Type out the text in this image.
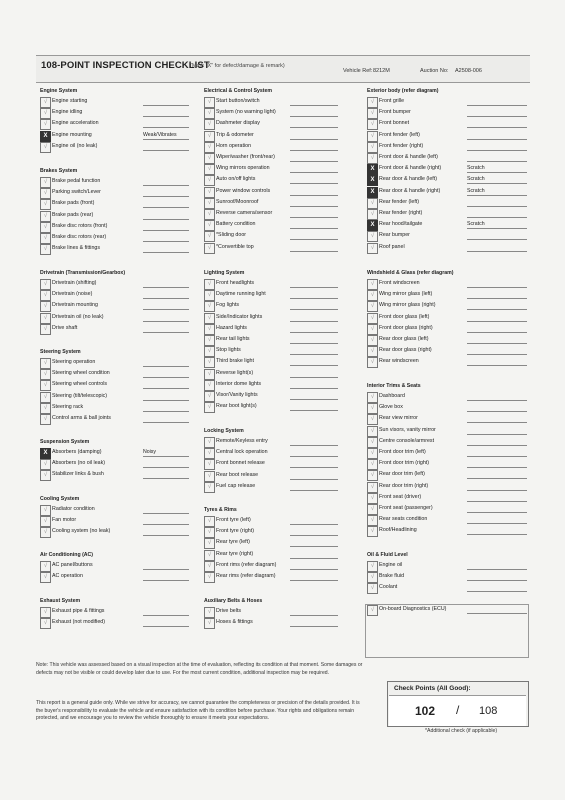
108-POINT INSPECTION CHECKLIST
(Mark "X" for defect/damage & remark)
Vehicle Ref: 8212M	Auction No: A2508-006
Engine System
√ Engine starting
√ Engine idling
√ Engine acceleration
X Engine mounting	Weak/Vibrates
√ Engine oil (no leak)
Brakes System
√ Brake pedal function
√ Parking switch/Lever
√ Brake pads (front)
√ Brake pads (rear)
√ Brake disc rotors (front)
√ Brake disc rotors (rear)
√ Brake lines & fittings
Drivetrain (Transmission/Gearbox)
√ Drivetrain (shifting)
√ Drivetrain (noise)
√ Drivetrain mounting
√ Drivetrain oil (no leak)
√ Drive shaft
Steering System
√ Steering operation
√ Steering wheel condition
√ Steering wheel controls
√ Steering (tilt/telescopic)
√ Steering rack
√ Control arms & ball joints
Suspension System
X Absorbers (damping)	Noisy
√ Absorbers (no oil leak)
√ Stabilizer links & bush
Cooling System
√ Radiator condition
√ Fan motor
√ Cooling system (no leak)
Air Conditioning (AC)
√ AC panel/buttons
√ AC operation
Exhaust System
√ Exhaust pipe & fittings
√ Exhaust (not modified)
Electrical & Control System
√ Start button/switch
√ System (no warning light)
√ Dashmeter display
√ Trip & odometer
√ Horn operation
√ Wiper/washer (front/rear)
√ Wing mirrors operation
√ Auto on/off lights
√ Power window controls
√ Sunroof/Moonroof
√ Reverse camera/sensor
√ Battery condition
√ *Sliding door
√ *Convertible top
Lighting System
√ Front headlights
√ Daytime running light
√ Fog lights
√ Side/Indicator lights
√ Hazard lights
√ Rear tail lights
√ Stop lights
√ Third brake light
√ Reverse light(s)
√ Interior dome lights
√ Visor/Vanity lights
√ Rear boot light(s)
Locking System
√ Remote/Keyless entry
√ Central lock operation
√ Front bonnet release
√ Rear boot release
√ Fuel cap release
Tyres & Rims
√ Front tyre (left)
√ Front tyre (right)
√ Rear tyre (left)
√ Rear tyre (right)
√ Front rims (refer diagram)
√ Rear rims (refer diagram)
Auxiliary Belts & Hoses
√ Drive belts
√ Hoses & fittings
Exterior body (refer diagram)
√ Front grille
√ Front bumper
√ Front bonnet
√ Front fender (left)
√ Front fender (right)
√ Front door & handle (left)
X Front door & handle (right)	Scratch
X Rear door & handle (left)	Scratch
X Rear door & handle (right)	Scratch
√ Rear fender (left)
√ Rear fender (right)
X Rear hood/tailgate	Scratch
√ Rear bumper
√ Roof panel
Windshield & Glass (refer diagram)
√ Front windscreen
√ Wing mirror glass (left)
√ Wing mirror glass (right)
√ Front door glass (left)
√ Front door glass (right)
√ Rear door glass (left)
√ Rear door glass (right)
√ Rear windscreen
Interior Trims & Seats
√ Dashboard
√ Glove box
√ Rear view mirror
√ Sun visors, vanity mirror
√ Centre console/armrest
√ Front door trim (left)
√ Front door trim (right)
√ Rear door trim (left)
√ Rear door trim (right)
√ Front seat (driver)
√ Front seat (passenger)
√ Rear seats condition
√ Roof/Headlining
Oil & Fluid Level
√ Engine oil
√ Brake fluid
√ Coolant
√ On-board Diagnostics (ECU)
Note: This vehicle was assessed based on a visual inspection at the time of evaluation, reflecting its condition at that moment. Some damages or defects may not be visible or could develop later due to use. For the most current condition, additional inspection may be required.
This report is a general guide only. While we strive for accuracy, we cannot guarantee the completeness or precision of the details provided. It is the buyer's responsibility to evaluate the vehicle and ensure satisfaction with its condition before purchase. Your rights and obligations remain protected, and we encourage you to review the vehicle thoroughly to ensure it meets your expectations.
Check Points (All Good):
102 / 108
*Additional check (if applicable)
